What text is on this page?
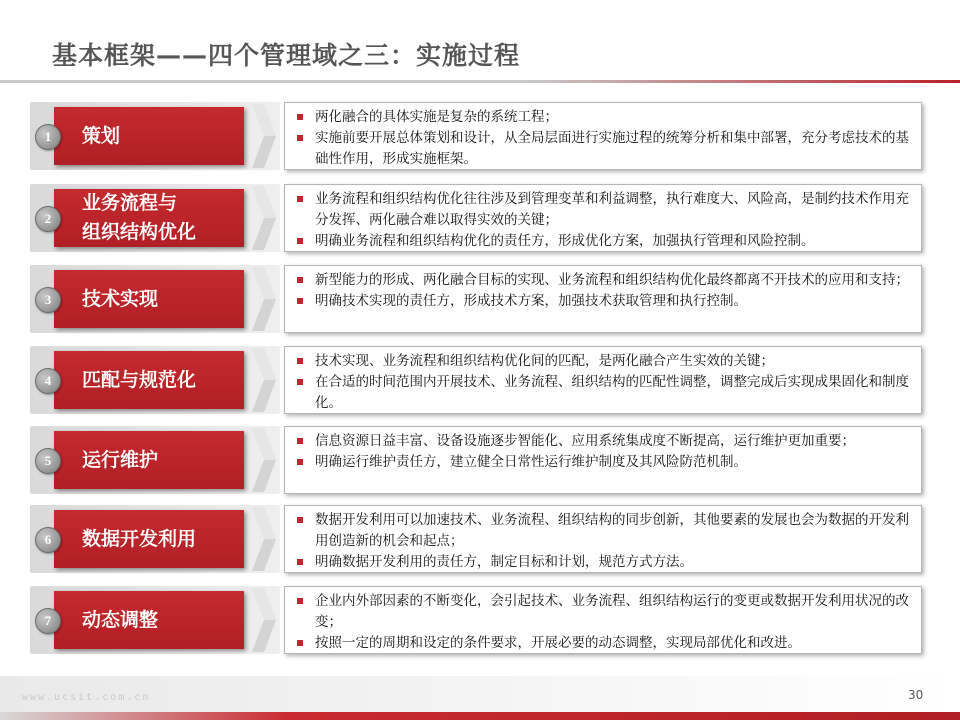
基本框架——四个管理域之三：实施过程
策划
1
两化融合的具体实施是复杂的系统工程；
实施前要开展总体策划和设计，从全局层面进行实施过程的统筹分析和集中部署，充分考虑技术的基础性作用，形成实施框架。
业务流程与
组织结构优化
2
业务流程和组织结构优化往往涉及到管理变革和利益调整，执行难度大、风险高，是制约技术作用充分发挥、两化融合难以取得实效的关键；
明确业务流程和组织结构优化的责任方，形成优化方案，加强执行管理和风险控制。
技术实现
3
新型能力的形成、两化融合目标的实现、业务流程和组织结构优化最终都离不开技术的应用和支持；
明确技术实现的责任方，形成技术方案，加强技术获取管理和执行控制。
匹配与规范化
4
技术实现、业务流程和组织结构优化间的匹配，是两化融合产生实效的关键；
在合适的时间范围内开展技术、业务流程、组织结构的匹配性调整，调整完成后实现成果固化和制度化。
运行维护
5
信息资源日益丰富、设备设施逐步智能化、应用系统集成度不断提高，运行维护更加重要；
明确运行维护责任方，建立健全日常性运行维护制度及其风险防范机制。
数据开发利用
6
数据开发利用可以加速技术、业务流程、组织结构的同步创新，其他要素的发展也会为数据的开发利用创造新的机会和起点；
明确数据开发利用的责任方，制定目标和计划，规范方式方法。
动态调整
7
企业内外部因素的不断变化，会引起技术、业务流程、组织结构运行的变更或数据开发利用状况的改变；
按照一定的周期和设定的条件要求，开展必要的动态调整，实现局部优化和改进。
www.ucsit.com.cn	30
